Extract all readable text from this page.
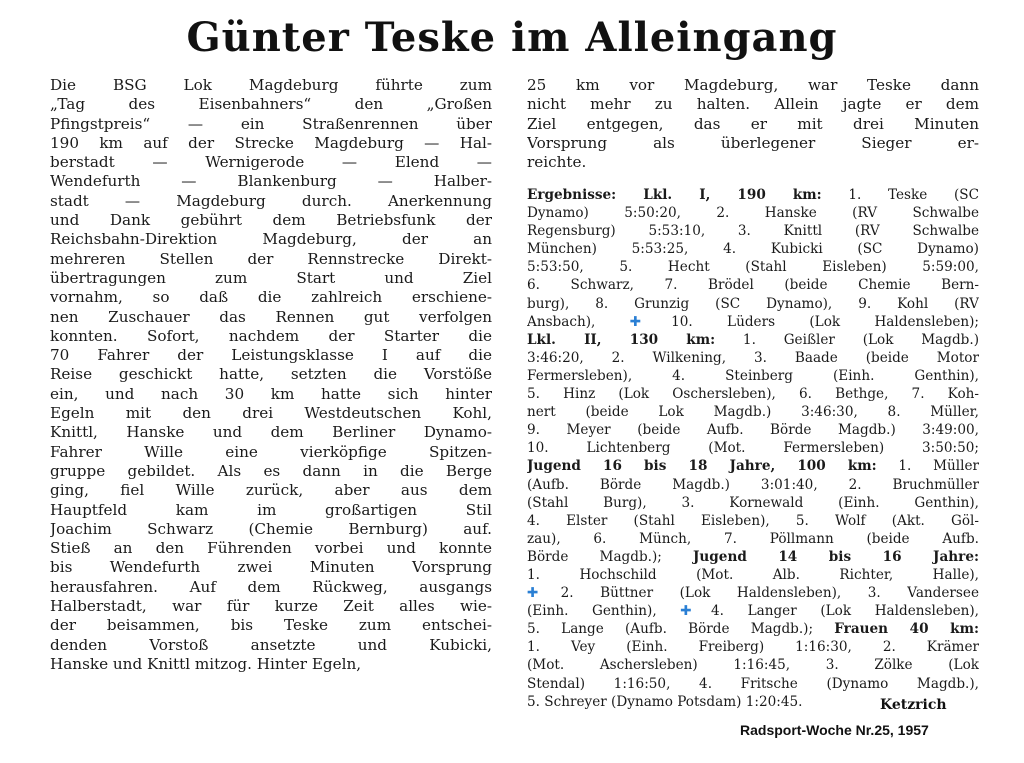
Günter Teske im Alleingang
Die BSG Lok Magdeburg führte zum
„Tag des Eisenbahners“ den „Großen
Pfingstpreis“ — ein Straßenrennen über
190 km auf der Strecke Magdeburg — Hal-
berstadt — Wernigerode — Elend —
Wendefurth — Blankenburg — Halber-
stadt — Magdeburg durch. Anerkennung
und Dank gebührt dem Betriebsfunk der
Reichsbahn-Direktion Magdeburg, der an
mehreren Stellen der Rennstrecke Direkt-
übertragungen zum Start und Ziel
vornahm, so daß die zahlreich erschiene-
nen Zuschauer das Rennen gut verfolgen
konnten. Sofort, nachdem der Starter die
70 Fahrer der Leistungsklasse I auf die
Reise geschickt hatte, setzten die Vorstöße
ein, und nach 30 km hatte sich hinter
Egeln mit den drei Westdeutschen Kohl,
Knittl, Hanske und dem Berliner Dynamo-
Fahrer Wille eine vierköpfige Spitzen-
gruppe gebildet. Als es dann in die Berge
ging, fiel Wille zurück, aber aus dem
Hauptfeld kam im großartigen Stil
Joachim Schwarz (Chemie Bernburg) auf.
Stieß an den Führenden vorbei und konnte
bis Wendefurth zwei Minuten Vorsprung
herausfahren. Auf dem Rückweg, ausgangs
Halberstadt, war für kurze Zeit alles wie-
der beisammen, bis Teske zum entschei-
denden Vorstoß ansetzte und Kubicki,
Hanske und Knittl mitzog. Hinter Egeln,
25 km vor Magdeburg, war Teske dann
nicht mehr zu halten. Allein jagte er dem
Ziel entgegen, das er mit drei Minuten
Vorsprung als überlegener Sieger er-
reichte.
Ergebnisse: Lkl. I, 190 km: 1. Teske (SC
Dynamo) 5:50:20, 2. Hanske (RV Schwalbe
Regensburg) 5:53:10, 3. Knittl (RV Schwalbe
München) 5:53:25, 4. Kubicki (SC Dynamo)
5:53:50, 5. Hecht (Stahl Eisleben) 5:59:00,
6. Schwarz, 7. Brödel (beide Chemie Bern-
burg), 8. Grunzig (SC Dynamo), 9. Kohl (RV
Ansbach), ✚10. Lüders (Lok Haldensleben);
Lkl. II, 130 km: 1. Geißler (Lok Magdb.)
3:46:20, 2. Wilkening, 3. Baade (beide Motor
Fermersleben), 4. Steinberg (Einh. Genthin),
5. Hinz (Lok Oschersleben), 6. Bethge, 7. Koh-
nert (beide Lok Magdb.) 3:46:30, 8. Müller,
9. Meyer (beide Aufb. Börde Magdb.) 3:49:00,
10. Lichtenberg (Mot. Fermersleben) 3:50:50;
Jugend 16 bis 18 Jahre, 100 km: 1. Müller
(Aufb. Börde Magdb.) 3:01:40, 2. Bruchmüller
(Stahl Burg), 3. Kornewald (Einh. Genthin),
4. Elster (Stahl Eisleben), 5. Wolf (Akt. Göl-
zau), 6. Münch, 7. Pöllmann (beide Aufb.
Börde Magdb.); Jugend 14 bis 16 Jahre:
1. Hochschild (Mot. Alb. Richter, Halle),
✚2. Büttner (Lok Haldensleben), 3. Vandersee
(Einh. Genthin), ✚4. Langer (Lok Haldensleben),
5. Lange (Aufb. Börde Magdb.); Frauen 40 km:
1. Vey (Einh. Freiberg) 1:16:30, 2. Krämer
(Mot. Aschersleben) 1:16:45, 3. Zölke (Lok
Stendal) 1:16:50, 4. Fritsche (Dynamo Magdb.),
5. Schreyer (Dynamo Potsdam) 1:20:45.	Ketzrich
Radsport-Woche Nr.25, 1957
